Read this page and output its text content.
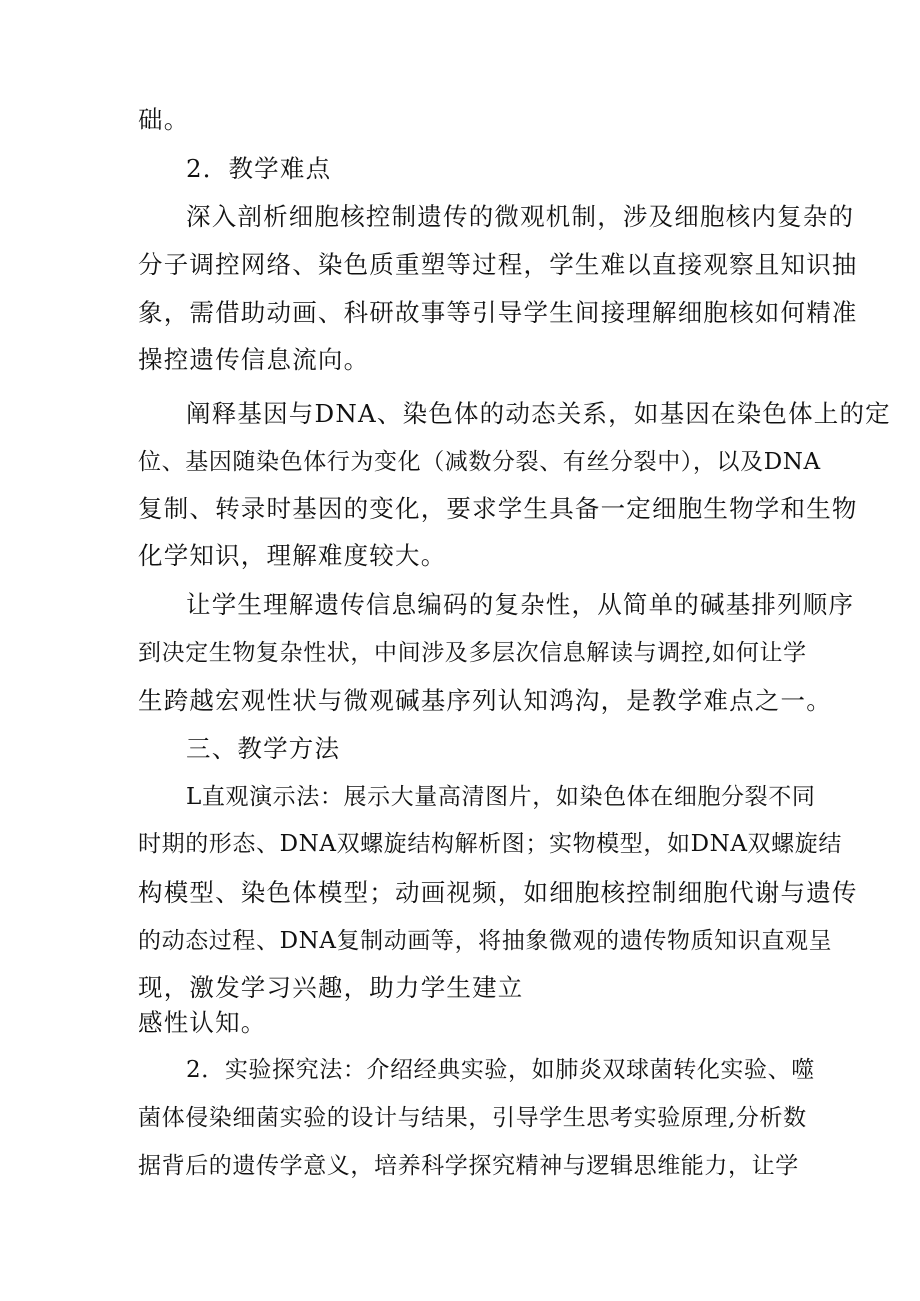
础。
2．教学难点
深入剖析细胞核控制遗传的微观机制，涉及细胞核内复杂的
分子调控网络、染色质重塑等过程，学生难以直接观察且知识抽
象，需借助动画、科研故事等引导学生间接理解细胞核如何精准
操控遗传信息流向。
阐释基因与DNA、染色体的动态关系，如基因在染色体上的定
位、基因随染色体行为变化（减数分裂、有丝分裂中），以及DNA
复制、转录时基因的变化，要求学生具备一定细胞生物学和生物
化学知识，理解难度较大。
让学生理解遗传信息编码的复杂性，从简单的碱基排列顺序
到决定生物复杂性状，中间涉及多层次信息解读与调控,如何让学
生跨越宏观性状与微观碱基序列认知鸿沟，是教学难点之一。
三、教学方法
L直观演示法：展示大量高清图片，如染色体在细胞分裂不同
时期的形态、DNA双螺旋结构解析图；实物模型，如DNA双螺旋结
构模型、染色体模型；动画视频，如细胞核控制细胞代谢与遗传
的动态过程、DNA复制动画等，将抽象微观的遗传物质知识直观呈
现，激发学习兴趣，助力学生建立
感性认知。
2．实验探究法：介绍经典实验，如肺炎双球菌转化实验、噬
菌体侵染细菌实验的设计与结果，引导学生思考实验原理,分析数
据背后的遗传学意义，培养科学探究精神与逻辑思维能力，让学
